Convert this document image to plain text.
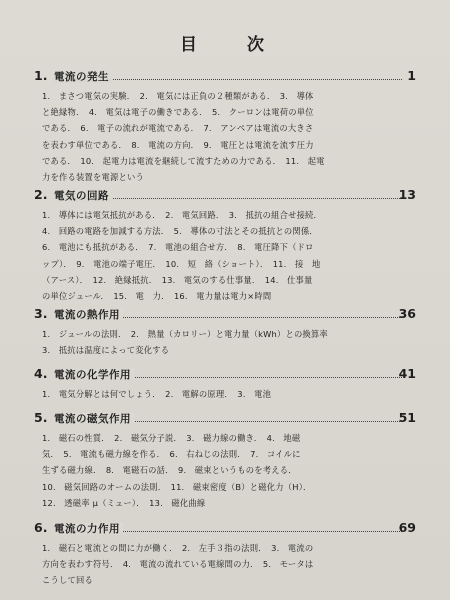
目	次
1. 電流の発生	1
1.　まさつ電気の実験．　2.　電気には正負の２種類がある．　3.　導体
と絶縁物．　4.　電気は電子の働きである．　5.　クーロンは電荷の単位
である．　6.　電子の流れが電流である．　7.　アンペアは電流の大きさ
を表わす単位である．　8.　電流の方向．　9.　電圧とは電流を流す圧力
である．　10.　起電力は電流を継続して流すための力である．　11.　起電
力を作る装置を電源という
2. 電気の回路	13
1.　導体には電気抵抗がある．　2.　電気回路．　3.　抵抗の組合せ接続．
4.　回路の電路を加減する方法．　5.　導体の寸法とその抵抗との関係．
6.　電池にも抵抗がある．　7.　電池の組合せ方．　8.　電圧降下（ドロ
ップ）．　9.　電池の端子電圧．　10.　短　絡（ショート）．　11.　接　地
（アース）．　12.　絶縁抵抗．　13.　電気のする仕事量．　14.　仕事量
の単位ジュール．　15.　電　力．　16.　電力量は電力×時間
3. 電流の熱作用	36
1.　ジュールの法則．　2.　熱量（カロリー）と電力量（kWh）との換算率
3.　抵抗は温度によって変化する
4. 電流の化学作用	41
1.　電気分解とは何でしょう．　2.　電解の原理．　3.　電池
5. 電流の磁気作用	51
1.　磁石の性質．　2.　磁気分子説．　3.　磁力線の働き．　4.　地磁
気．　5.　電流も磁力線を作る．　6.　右ねじの法則．　7.　コイルに
生ずる磁力線．　8.　電磁石の話．　9.　磁束というものを考える．
10.　磁気回路のオームの法則．　11.　磁束密度（B）と磁化力（H）．
12.　透磁率 μ（ミュー）．　13.　磁化曲線
6. 電流の力作用	69
1.　磁石と電流との間に力が働く．　2.　左手３指の法則．　3.　電流の
方向を表わす符号．　4.　電流の流れている電線間の力．　5.　モータは
こうして回る
